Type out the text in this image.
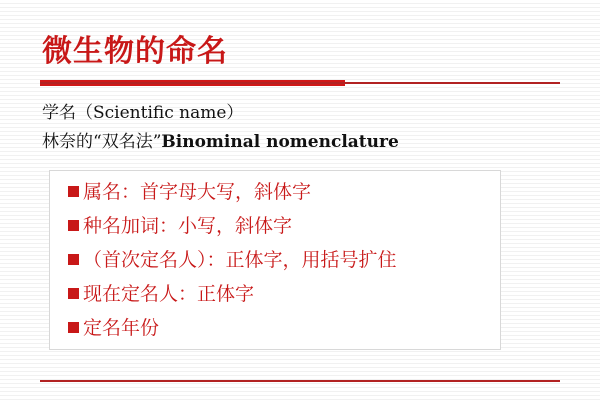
微生物的命名
学名（Scientific name）
林奈的“双名法”Binominal nomenclature
属名：首字母大写，斜体字
种名加词：小写，斜体字
（首次定名人）：正体字，用括号扩住
现在定名人：正体字
定名年份
